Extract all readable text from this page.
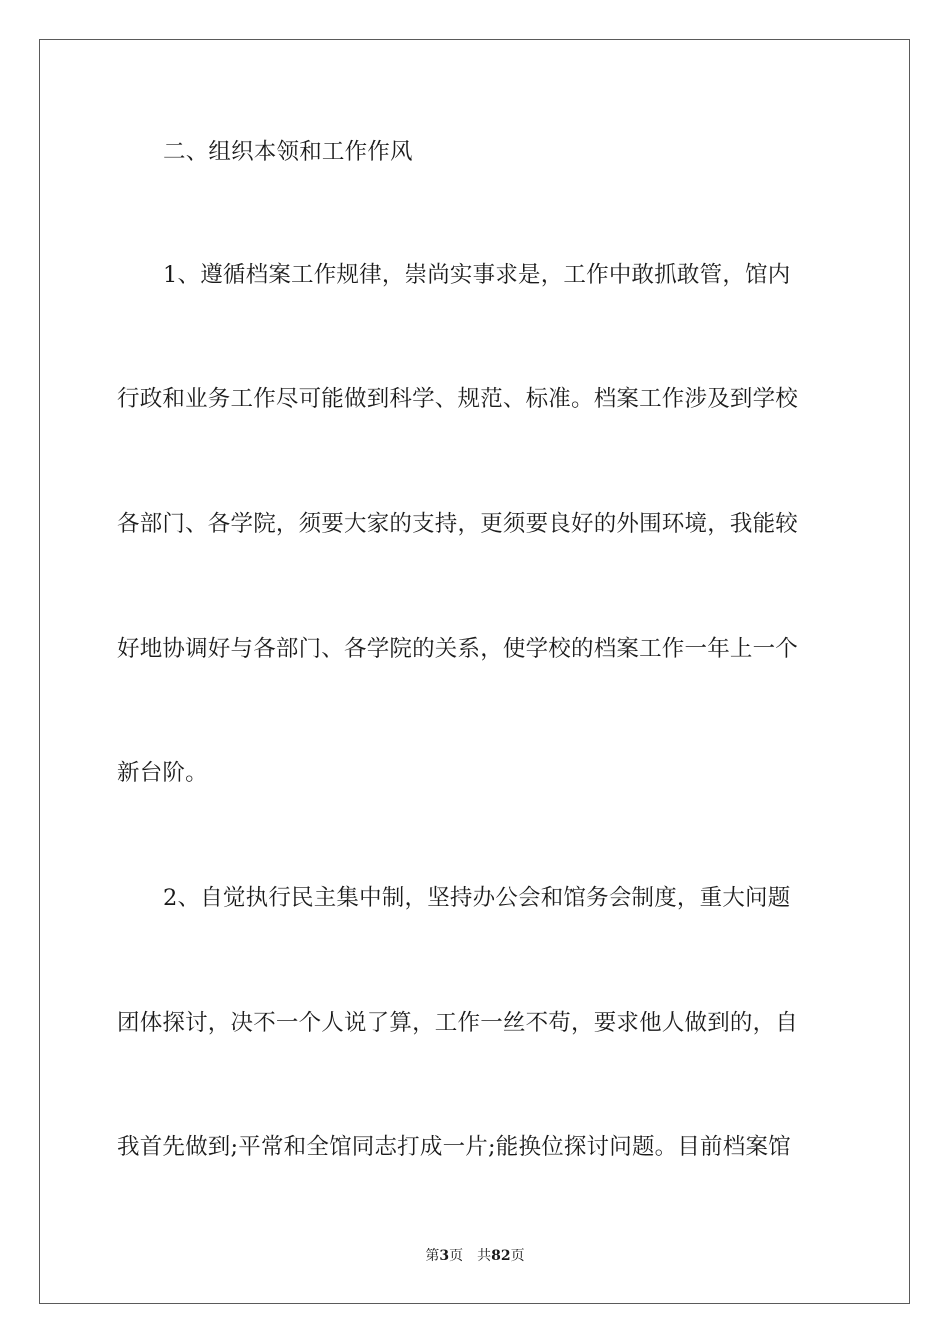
二、组织本领和工作作风
1、遵循档案工作规律，崇尚实事求是，工作中敢抓敢管，馆内
行政和业务工作尽可能做到科学、规范、标准。档案工作涉及到学校
各部门、各学院，须要大家的支持，更须要良好的外围环境，我能较
好地协调好与各部门、各学院的关系，使学校的档案工作一年上一个
新台阶。
2、自觉执行民主集中制，坚持办公会和馆务会制度，重大问题
团体探讨，决不一个人说了算，工作一丝不苟，要求他人做到的，自
我首先做到;平常和全馆同志打成一片;能换位探讨问题。目前档案馆
第3页 共82页
